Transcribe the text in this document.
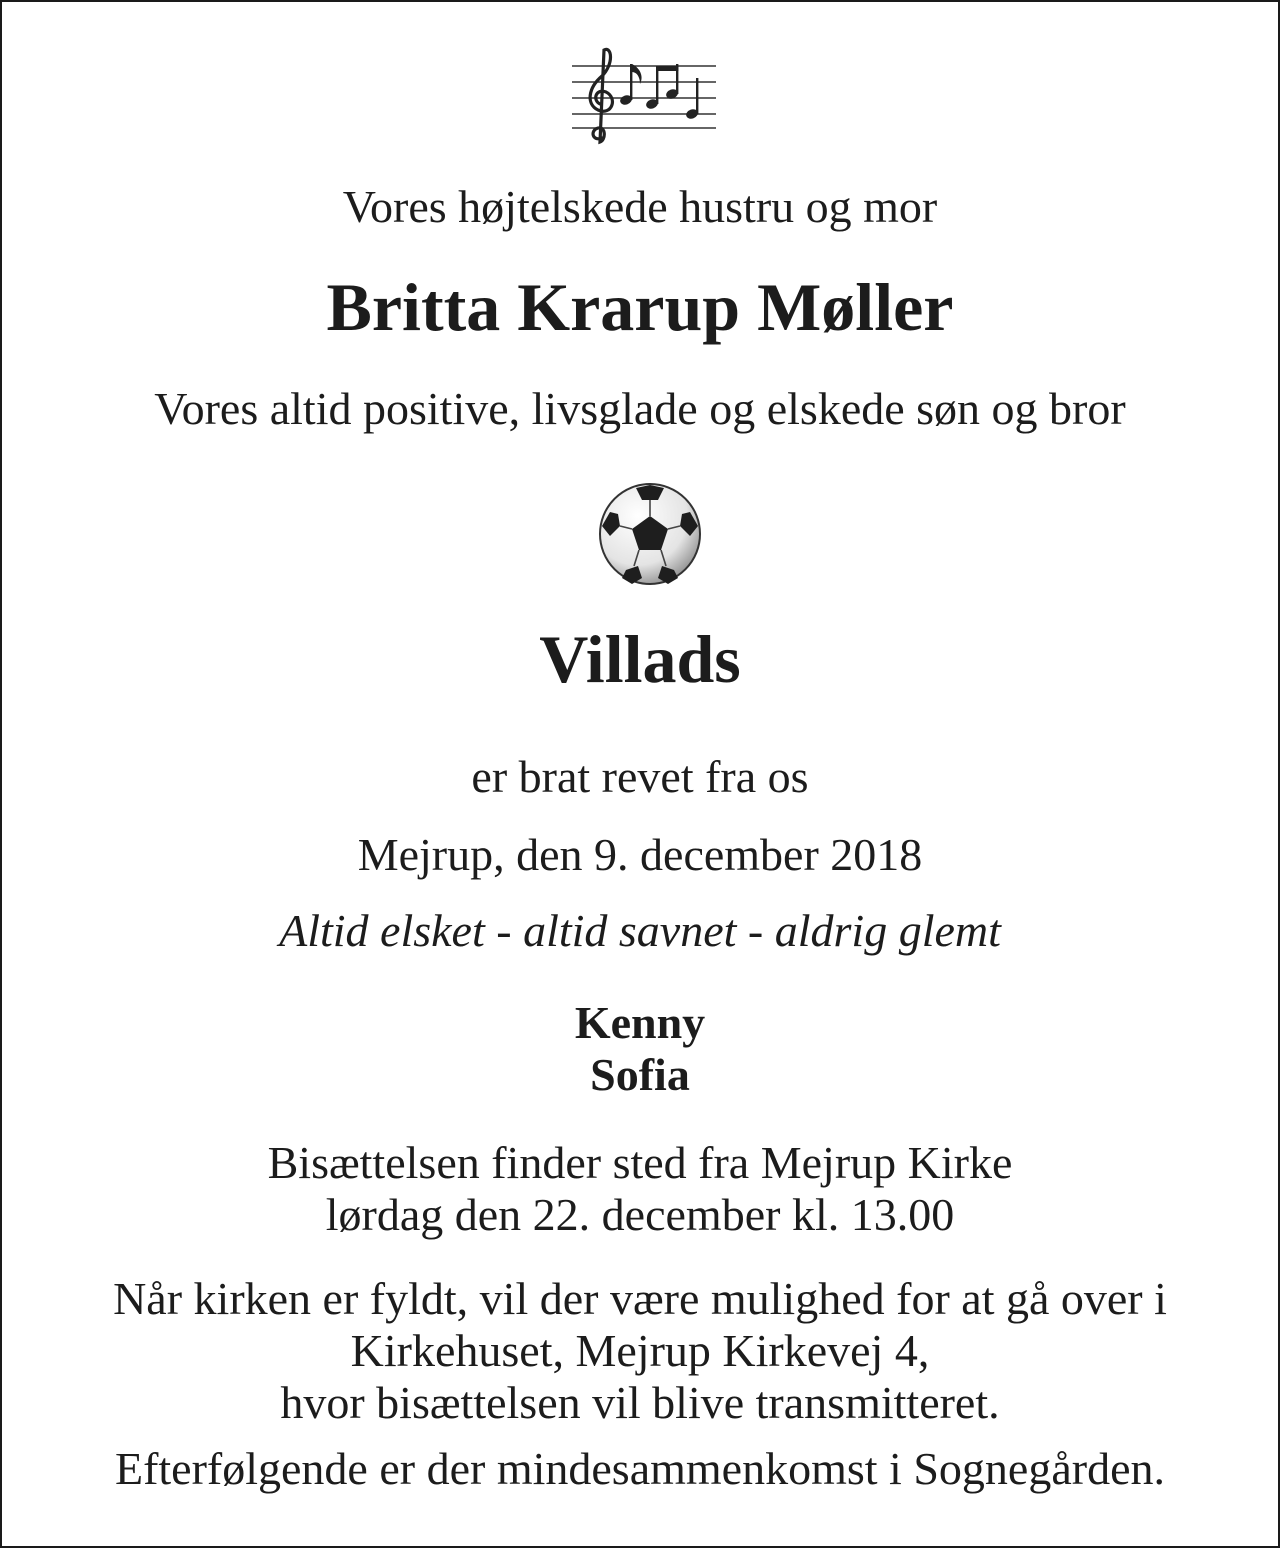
Vores højtelskede hustru og mor

Britta Krarup Møller

Vores altid positive, livsglade og elskede søn og bror

Villads

er brat revet fra os

Mejrup, den 9. december 2018

Altid elsket - altid savnet - aldrig glemt

Kenny

Sofia

Bisættelsen finder sted fra Mejrup Kirke

lørdag den 22. december kl. 13.00

Når kirken er fyldt, vil der være mulighed for at gå over i

Kirkehuset, Mejrup Kirkevej 4,

hvor bisættelsen vil blive transmitteret.

Efterfølgende er der mindesammenkomst i Sognegården.
